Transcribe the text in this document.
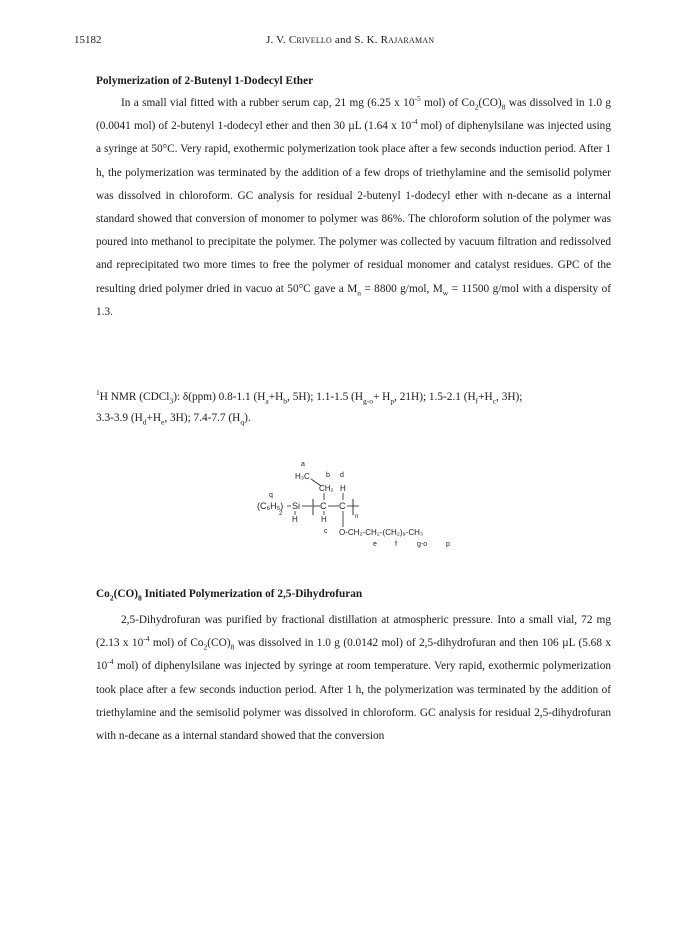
15182	J. V. Crivello and S. K. Rajaraman
Polymerization of 2-Butenyl 1-Dodecyl Ether

In a small vial fitted with a rubber serum cap, 21 mg (6.25 x $10^{-5}$ mol) of $Co_2(CO)_8$ was dissolved in 1.0 g (0.0041 mol) of 2-butenyl 1-dodecyl ether and then 30 µL (1.64 x $10^{-4}$ mol) of diphenylsilane was injected using a syringe at 50°C. Very rapid, exothermic polymerization took place after a few seconds induction period. After 1 h, the polymerization was terminated by the addition of a few drops of triethylamine and the semisolid polymer was dissolved in chloroform. GC analysis for residual 2-butenyl 1-dodecyl ether with n-decane as a internal standard showed that conversion of monomer to polymer was 86%. The chloroform solution of the polymer was poured into methanol to precipitate the polymer. The polymer was collected by vacuum filtration and redissolved and reprecipitated two more times to free the polymer of residual monomer and catalyst residues. GPC of the resulting dried polymer dried in vacuo at 50°C gave a $M_n = 8800$ g/mol, $M_w = 11500$ g/mol with a dispersity of 1.3.

$^1$H NMR (CDCl$_3$): δ(ppm) 0.8-1.1 ($H_a+H_b$, 5H); 1.1-1.5 ($H_{g-o}+ H_p$, 21H); 1.5-2.1 ($H_f+H_c$, 3H);
3.3-3.9 ($H_d+H_e$, 3H); 7.4-7.7 $(H_q)$.
a
H₃C b d
CH₂ H
q
(C₆H₅)
2
Si C C
n
H	H
c O-CH₂-CH₂-(CH₂)₉-CH₃
e	f	g-o	p
$Co_2(CO)_8$ Initiated Polymerization of 2,5-Dihydrofuran

2,5-Dihydrofuran was purified by fractional distillation at atmospheric pressure. Into a small vial, 72 mg (2.13 x $10^{-4}$ mol) of $Co_2(CO)_8$ was dissolved in 1.0 g (0.0142 mol) of 2,5-dihydrofuran and then 106 µL (5.68 x $10^{-4}$ mol) of diphenylsilane was injected by syringe at room temperature. Very rapid, exothermic polymerization took place after a few seconds induction period. After 1 h, the polymerization was terminated by the addition of triethylamine and the semisolid polymer was dissolved in chloroform. GC analysis for residual 2,5-dihydrofuran with n-decane as a internal standard showed that the conversion
